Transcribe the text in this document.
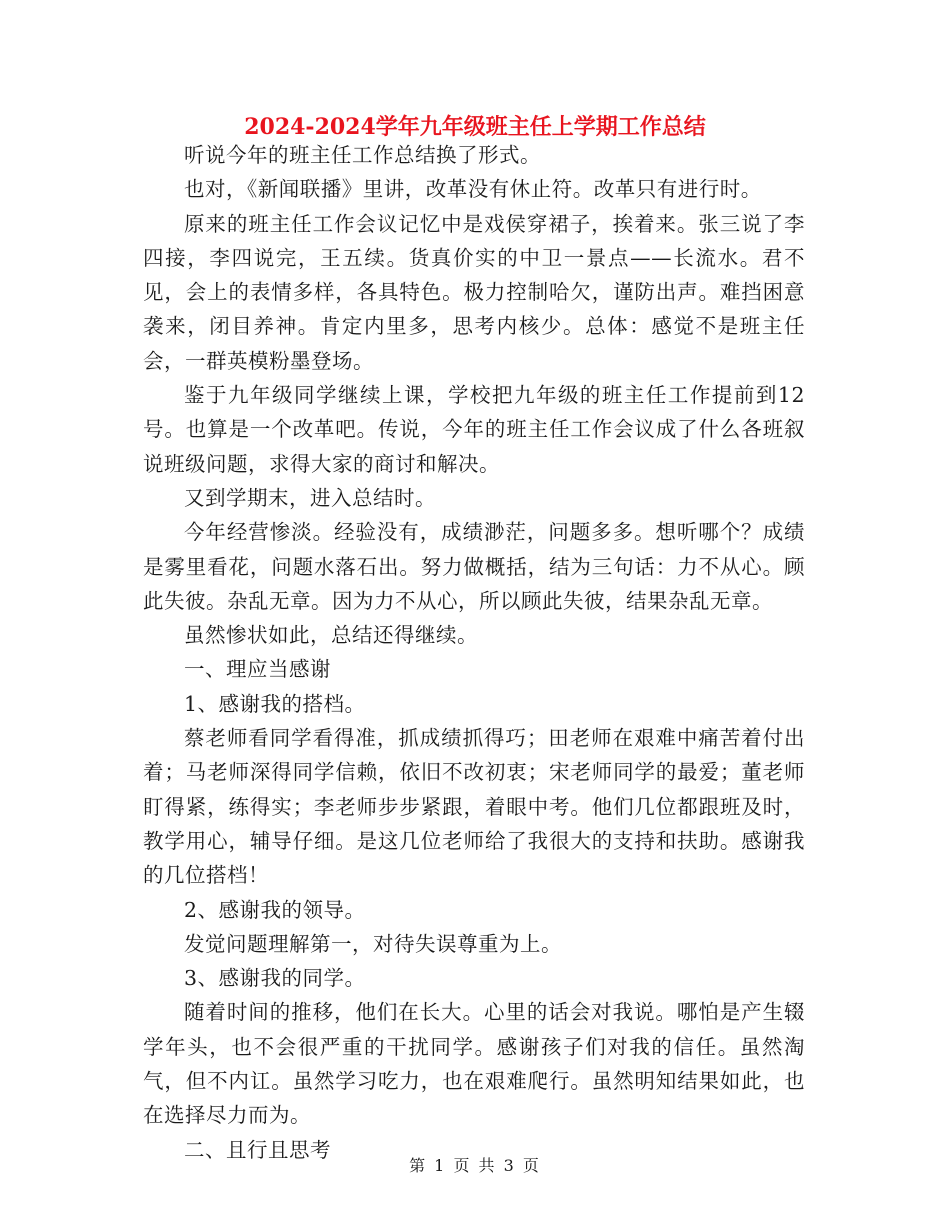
2024-2024学年九年级班主任上学期工作总结

听说今年的班主任工作总结换了形式。

也对，《新闻联播》里讲，改革没有休止符。改革只有进行时。

原来的班主任工作会议记忆中是戏侯穿裙子，挨着来。张三说了李四接，李四说完，王五续。货真价实的中卫一景点——长流水。君不见，会上的表情多样，各具特色。极力控制哈欠，谨防出声。难挡困意袭来，闭目养神。肯定内里多，思考内核少。总体：感觉不是班主任会，一群英模粉墨登场。

鉴于九年级同学继续上课，学校把九年级的班主任工作提前到12号。也算是一个改革吧。传说，今年的班主任工作会议成了什么各班叙说班级问题，求得大家的商讨和解决。

又到学期末，进入总结时。

今年经营惨淡。经验没有，成绩渺茫，问题多多。想听哪个？成绩是雾里看花，问题水落石出。努力做概括，结为三句话：力不从心。顾此失彼。杂乱无章。因为力不从心，所以顾此失彼，结果杂乱无章。

虽然惨状如此，总结还得继续。

一、理应当感谢

1、感谢我的搭档。

蔡老师看同学看得准，抓成绩抓得巧；田老师在艰难中痛苦着付出着；马老师深得同学信赖，依旧不改初衷；宋老师同学的最爱；董老师盯得紧，练得实；李老师步步紧跟，着眼中考。他们几位都跟班及时，教学用心，辅导仔细。是这几位老师给了我很大的支持和扶助。感谢我的几位搭档！

2、感谢我的领导。

发觉问题理解第一，对待失误尊重为上。

3、感谢我的同学。

随着时间的推移，他们在长大。心里的话会对我说。哪怕是产生辍学年头，也不会很严重的干扰同学。感谢孩子们对我的信任。虽然淘气，但不内讧。虽然学习吃力，也在艰难爬行。虽然明知结果如此，也在选择尽力而为。

二、且行且思考

第 1 页 共 3 页
